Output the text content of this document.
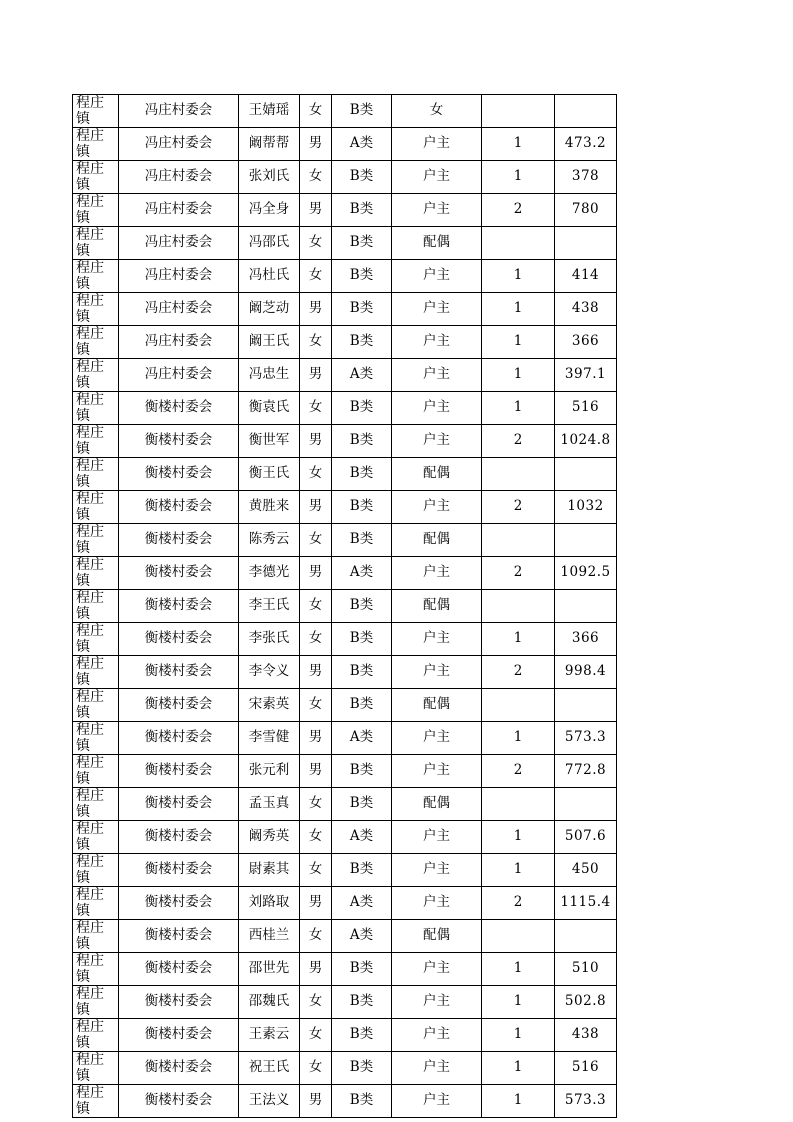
程庄镇	冯庄村委会	王婧瑶	女	B类	女		
程庄镇	冯庄村委会	阚帮帮	男	A类	户主	1	473.2
程庄镇	冯庄村委会	张刘氏	女	B类	户主	1	378
程庄镇	冯庄村委会	冯全身	男	B类	户主	2	780
程庄镇	冯庄村委会	冯邵氏	女	B类	配偶		
程庄镇	冯庄村委会	冯杜氏	女	B类	户主	1	414
程庄镇	冯庄村委会	阚芝动	男	B类	户主	1	438
程庄镇	冯庄村委会	阚王氏	女	B类	户主	1	366
程庄镇	冯庄村委会	冯忠生	男	A类	户主	1	397.1
程庄镇	衡楼村委会	衡袁氏	女	B类	户主	1	516
程庄镇	衡楼村委会	衡世军	男	B类	户主	2	1024.8
程庄镇	衡楼村委会	衡王氏	女	B类	配偶		
程庄镇	衡楼村委会	黄胜来	男	B类	户主	2	1032
程庄镇	衡楼村委会	陈秀云	女	B类	配偶		
程庄镇	衡楼村委会	李德光	男	A类	户主	2	1092.5
程庄镇	衡楼村委会	李王氏	女	B类	配偶		
程庄镇	衡楼村委会	李张氏	女	B类	户主	1	366
程庄镇	衡楼村委会	李令义	男	B类	户主	2	998.4
程庄镇	衡楼村委会	宋素英	女	B类	配偶		
程庄镇	衡楼村委会	李雪健	男	A类	户主	1	573.3
程庄镇	衡楼村委会	张元利	男	B类	户主	2	772.8
程庄镇	衡楼村委会	孟玉真	女	B类	配偶		
程庄镇	衡楼村委会	阚秀英	女	A类	户主	1	507.6
程庄镇	衡楼村委会	尉素其	女	B类	户主	1	450
程庄镇	衡楼村委会	刘路取	男	A类	户主	2	1115.4
程庄镇	衡楼村委会	西桂兰	女	A类	配偶		
程庄镇	衡楼村委会	邵世先	男	B类	户主	1	510
程庄镇	衡楼村委会	邵魏氏	女	B类	户主	1	502.8
程庄镇	衡楼村委会	王素云	女	B类	户主	1	438
程庄镇	衡楼村委会	祝王氏	女	B类	户主	1	516
程庄镇	衡楼村委会	王法义	男	B类	户主	1	573.3
